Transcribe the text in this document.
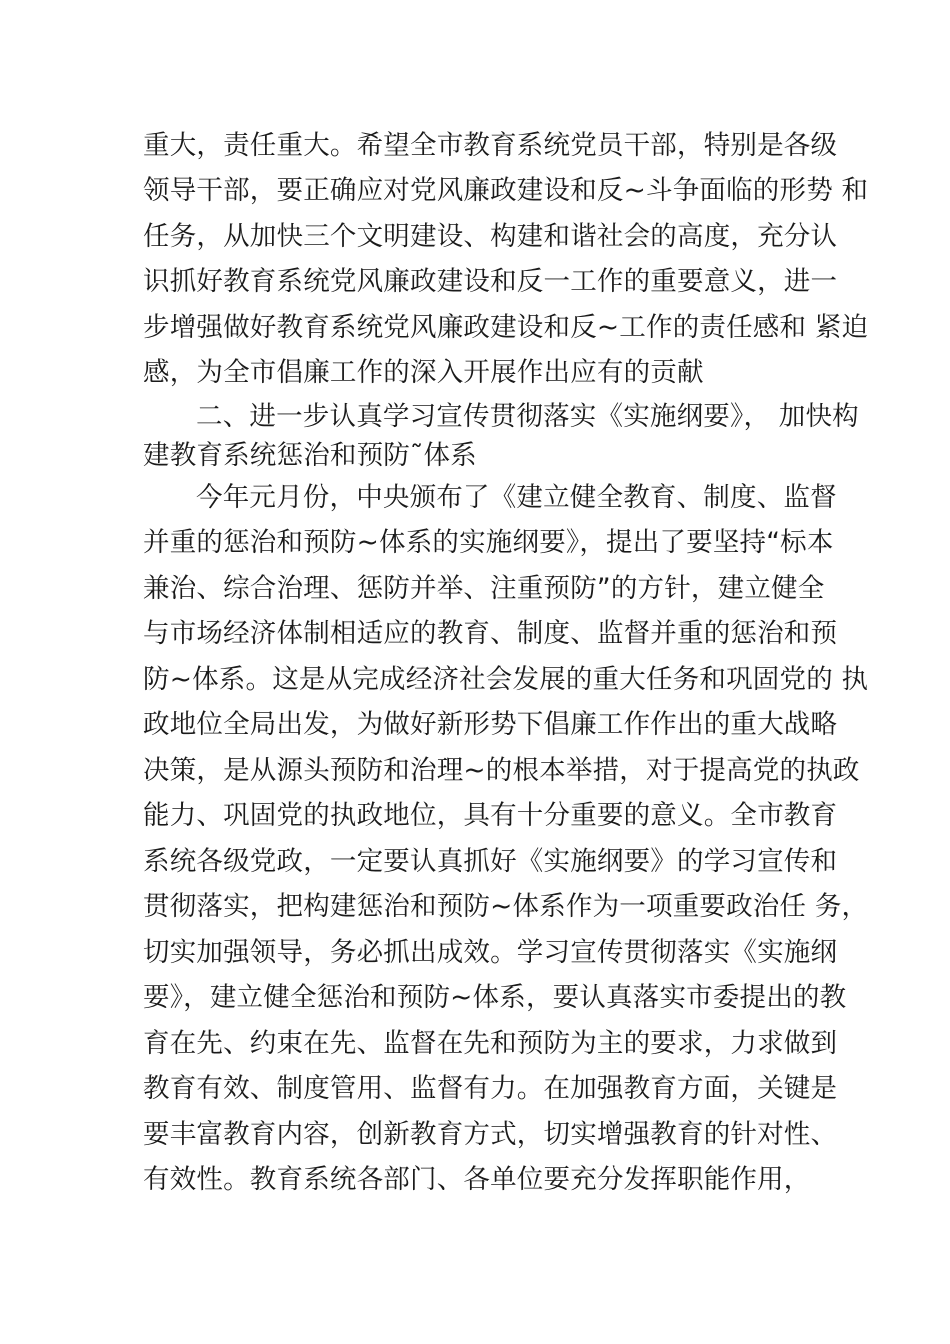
重大，责任重大。希望全市教育系统党员干部，特别是各级

领导干部，要正确应对党风廉政建设和反~斗争面临的形势 和

任务，从加快三个文明建设、构建和谐社会的高度，充分认

识抓好教育系统党风廉政建设和反一工作的重要意义，进一

步增强做好教育系统党风廉政建设和反~工作的责任感和 紧迫

感，为全市倡廉工作的深入开展作出应有的贡献

二、进一步认真学习宣传贯彻落实《实施纲要》， 加快构

建教育系统惩治和预防˜体系

今年元月份，中央颁布了《建立健全教育、制度、监督

并重的惩治和预防~体系的实施纲要》，提出了要坚持“标本

兼治、综合治理、惩防并举、注重预防”的方针，建立健全

与市场经济体制相适应的教育、制度、监督并重的惩治和预

防~体系。这是从完成经济社会发展的重大任务和巩固党的 执

政地位全局出发，为做好新形势下倡廉工作作出的重大战略

决策，是从源头预防和治理~的根本举措，对于提高党的执政

能力、巩固党的执政地位，具有十分重要的意义。全市教育

系统各级党政，一定要认真抓好《实施纲要》的学习宣传和

贯彻落实，把构建惩治和预防~体系作为一项重要政治任 务，

切实加强领导，务必抓出成效。学习宣传贯彻落实《实施纲

要》，建立健全惩治和预防~体系，要认真落实市委提出的教

育在先、约束在先、监督在先和预防为主的要求，力求做到

教育有效、制度管用、监督有力。在加强教育方面，关键是

要丰富教育内容，创新教育方式，切实增强教育的针对性、

有效性。教育系统各部门、各单位要充分发挥职能作用，
